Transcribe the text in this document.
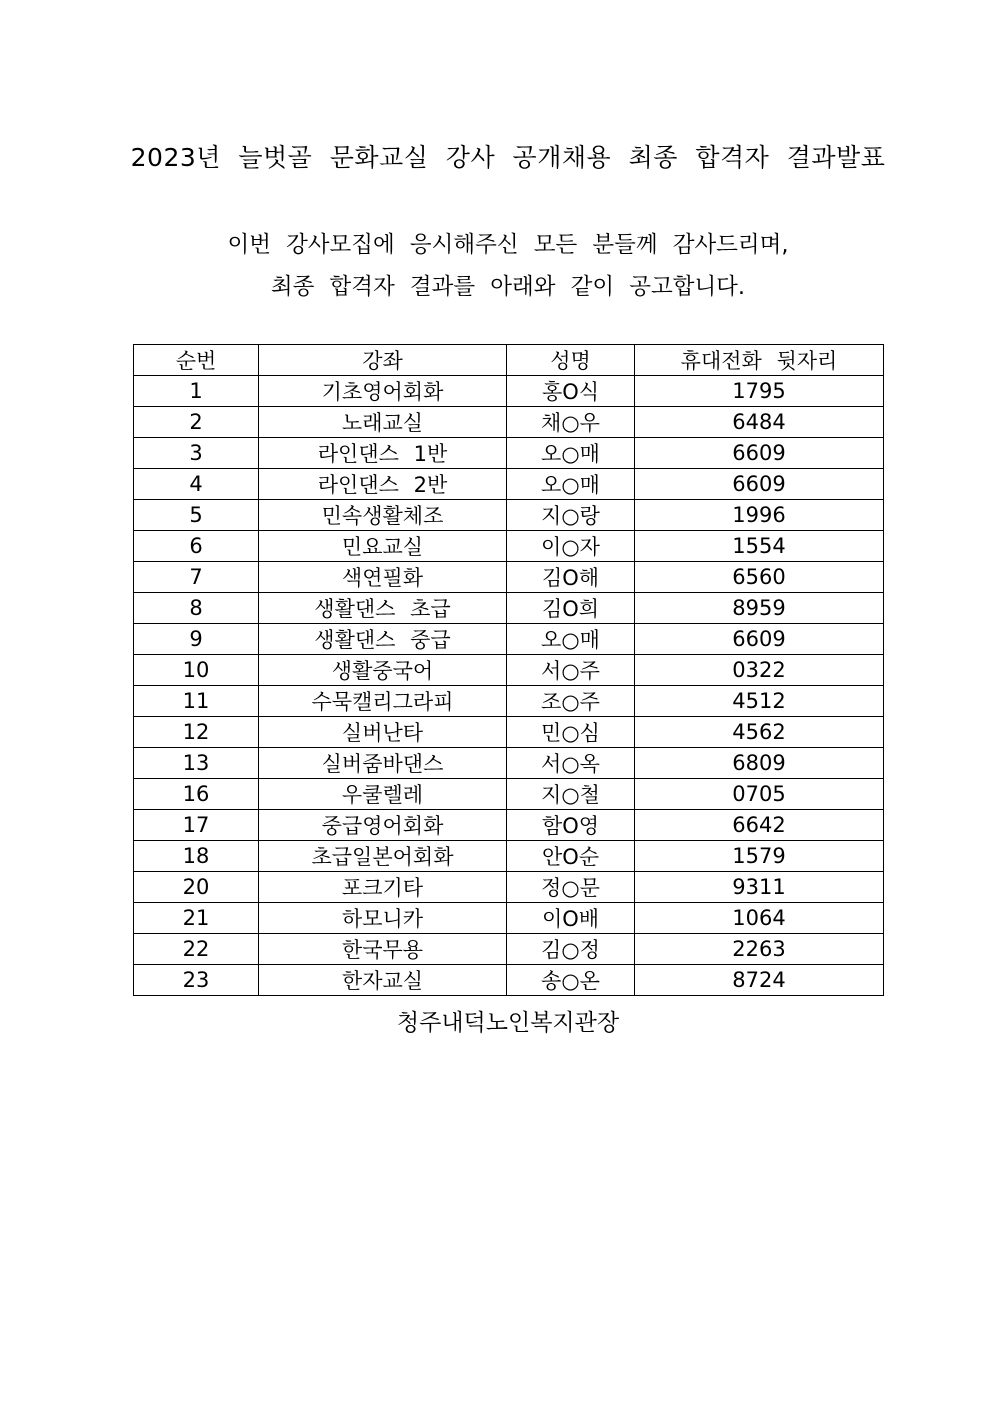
2023년 늘벗골 문화교실 강사 공개채용 최종 합격자 결과발표
이번 강사모집에 응시해주신 모든 분들께 감사드리며,
최종 합격자 결과를 아래와 같이 공고합니다.
순번	강좌	성명	휴대전화 뒷자리
1	기초영어회화	홍O식	1795
2	노래교실	채○우	6484
3	라인댄스 1반	오○매	6609
4	라인댄스 2반	오○매	6609
5	민속생활체조	지○랑	1996
6	민요교실	이○자	1554
7	색연필화	김O해	6560
8	생활댄스 초급	김O희	8959
9	생활댄스 중급	오○매	6609
10	생활중국어	서○주	0322
11	수묵캘리그라피	조○주	4512
12	실버난타	민○심	4562
13	실버줌바댄스	서○옥	6809
16	우쿨렐레	지○철	0705
17	중급영어회화	함O영	6642
18	초급일본어회화	안O순	1579
20	포크기타	정○문	9311
21	하모니카	이O배	1064
22	한국무용	김○정	2263
23	한자교실	송○온	8724
청주내덕노인복지관장
